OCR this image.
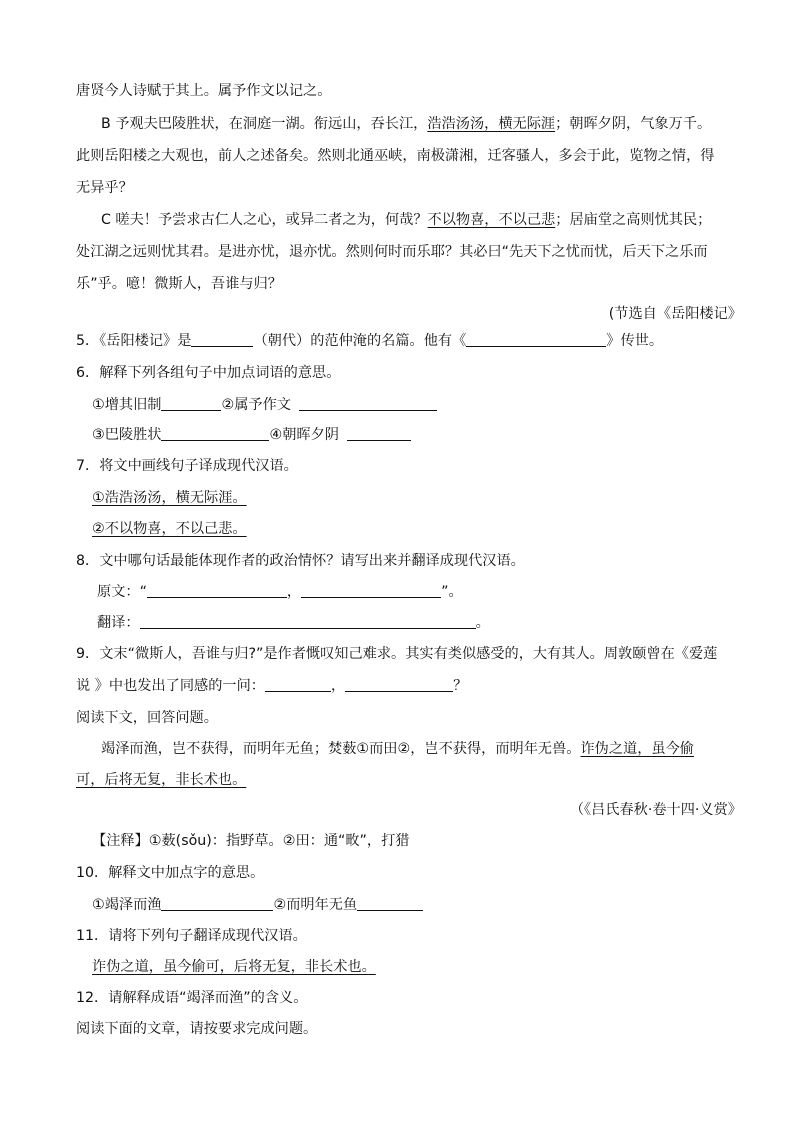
唐贤今人诗赋于其上。属予作文以记之。
B 予观夫巴陵胜状，在洞庭一湖。衔远山，吞长江，浩浩汤汤，横无际涯；朝晖夕阴，气象万千。
此则岳阳楼之大观也，前人之述备矣。然则北通巫峡，南极潇湘，迁客骚人，多会于此，览物之情，得
无异乎？
C 嗟夫！予尝求古仁人之心，或异二者之为，何哉？不以物喜，不以己悲；居庙堂之高则忧其民；
处江湖之远则忧其君。是进亦忧，退亦忧。然则何时而乐耶？其必曰“先天下之忧而忧，后天下之乐而
乐”乎。噫！微斯人，吾谁与归？
(节选自《岳阳楼记》
5．《岳阳楼记》是	（朝代）的范仲淹的名篇。他有《	》传世。
6．解释下列各组句子中加点词语的意思。
①增其旧制	②属予作文
③巴陵胜状	④朝晖夕阴
7．将文中画线句子译成现代汉语。
①浩浩汤汤，横无际涯。
②不以物喜，不以己悲。
8．文中哪句话最能体现作者的政治情怀？请写出来并翻译成现代汉语。
原文：“	，	”。
翻译：	。
9．文末“微斯人，吾谁与归?”是作者慨叹知己难求。其实有类似感受的，大有其人。周敦颐曾在《爱莲
说 》中也发出了同感的一问：	，	？
阅读下文，回答问题。
竭泽而渔，岂不获得，而明年无鱼；焚薮①而田②，岂不获得，而明年无兽。诈伪之道，虽今偷
可，后将无复，非长术也。
（《吕氏春秋·卷十四·义赏》
【注释】①薮(sǒu)：指野草。②田：通“畋”，打猎
10．解释文中加点字的意思。
①竭泽而渔	②而明年无鱼
11．请将下列句子翻译成现代汉语。
诈伪之道，虽今偷可，后将无复，非长术也。
12．请解释成语“竭泽而渔”的含义。
阅读下面的文章，请按要求完成问题。
